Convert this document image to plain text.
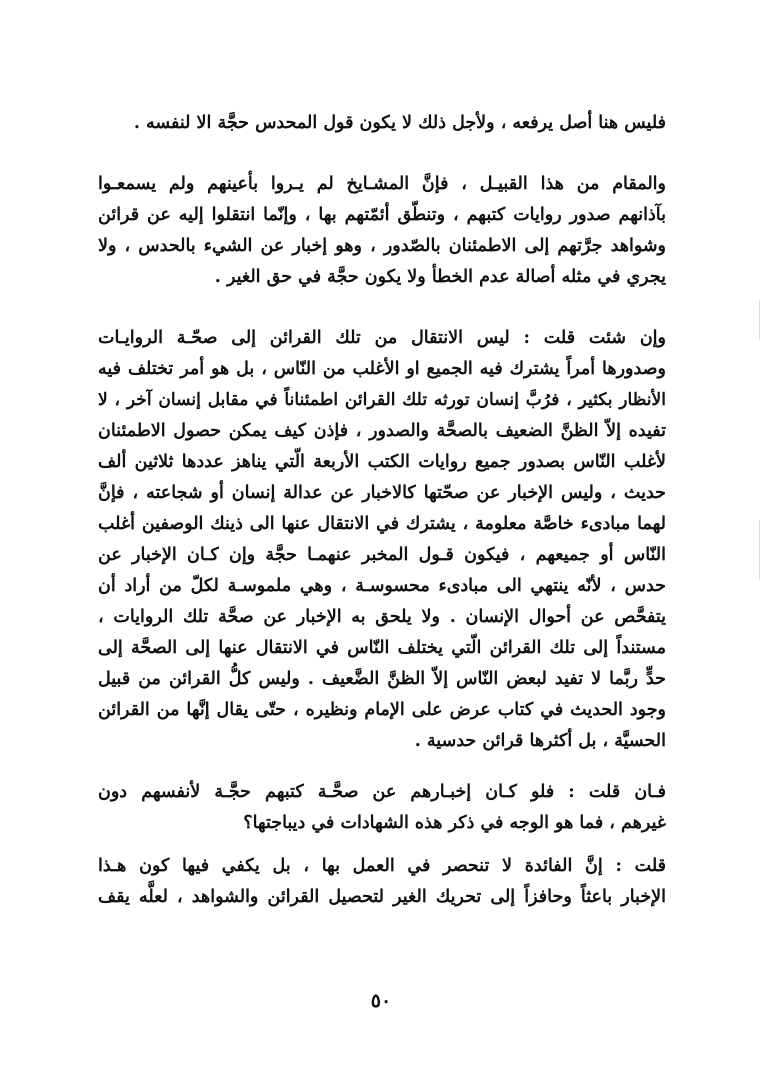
فليس هنا أصل يرفعه ، ولأجل ذلك لا يكون قول المحدس حجَّة الا لنفسه .

والمقام من هذا القبيـل ، فإنَّ المشـايخ لم يـروا بأعينهم ولم يسمعـوا
بآذانهم صدور روايات كتبهم ، وتنطّق أئمّتهم بها ، وإنّما انتقلوا إليه عن قرائن
وشواهد جرَّتهم إلى الاطمئنان بالصّدور ، وهو إخبار عن الشيء بالحدس ، ولا
يجري في مثله أصالة عدم الخطأ ولا يكون حجَّة في حق الغير .

وإن شئت قلت : ليس الانتقال من تلك القرائن إلى صحّـة الروايـات
وصدورها أمراً يشترك فيه الجميع او الأغلب من النّاس ، بل هو أمر تختلف فيه
الأنظار بكثير ، فرُبَّ إنسان تورثه تلك القرائن اطمئناناً في مقابل إنسان آخر ، لا
تفيده إلاّ الظنَّ الضعيف بالصحَّة والصدور ، فإذن كيف يمكن حصول الاطمئنان
لأغلب النّاس بصدور جميع روايات الكتب الأربعة الّتي يناهز عددها ثلاثين ألف
حديث ، وليس الإخبار عن صحّتها كالاخبار عن عدالة إنسان أو شجاعته ، فإنَّ
لهما مبادىء خاصَّة معلومة ، يشترك في الانتقال عنها الى ذينك الوصفين أغلب
النّاس أو جميعهم ، فيكون قـول المخبر عنهمـا حجَّة وإن كـان الإخبار عن
حدس ، لأنّه ينتهي الى مبادىء محسوسـة ، وهي ملموسـة لكلّ من أراد أن
يتفحَّص عن أحوال الإنسان . ولا يلحق به الإخبار عن صحَّة تلك الروايات ،
مستنداً إلى تلك القرائن الّتي يختلف النّاس في الانتقال عنها إلى الصحَّة إلى
حدٍّ ربَّما لا تفيد لبعض النّاس إلاّ الظنَّ الضَّعيف . وليس كلُّ القرائن من قبيل
وجود الحديث في كتاب عرض على الإمام ونظيره ، حتّى يقال إنَّها من القرائن
الحسيَّة ، بل أكثرها قرائن حدسية .

فـان قلت : فلو كـان إخبـارهم عن صحَّـة كتبهم حجَّـة لأنفسهم دون
غيرهم ، فما هو الوجه في ذكر هذه الشهادات في ديباجتها؟

قلت : إنَّ الفائدة لا تنحصر في العمل بها ، بل يكفي فيها كون هـذا
الإخبار باعثاً وحافزاً إلى تحريك الغير لتحصيل القرائن والشواهد ، لعلَّه يقف

٥٠
